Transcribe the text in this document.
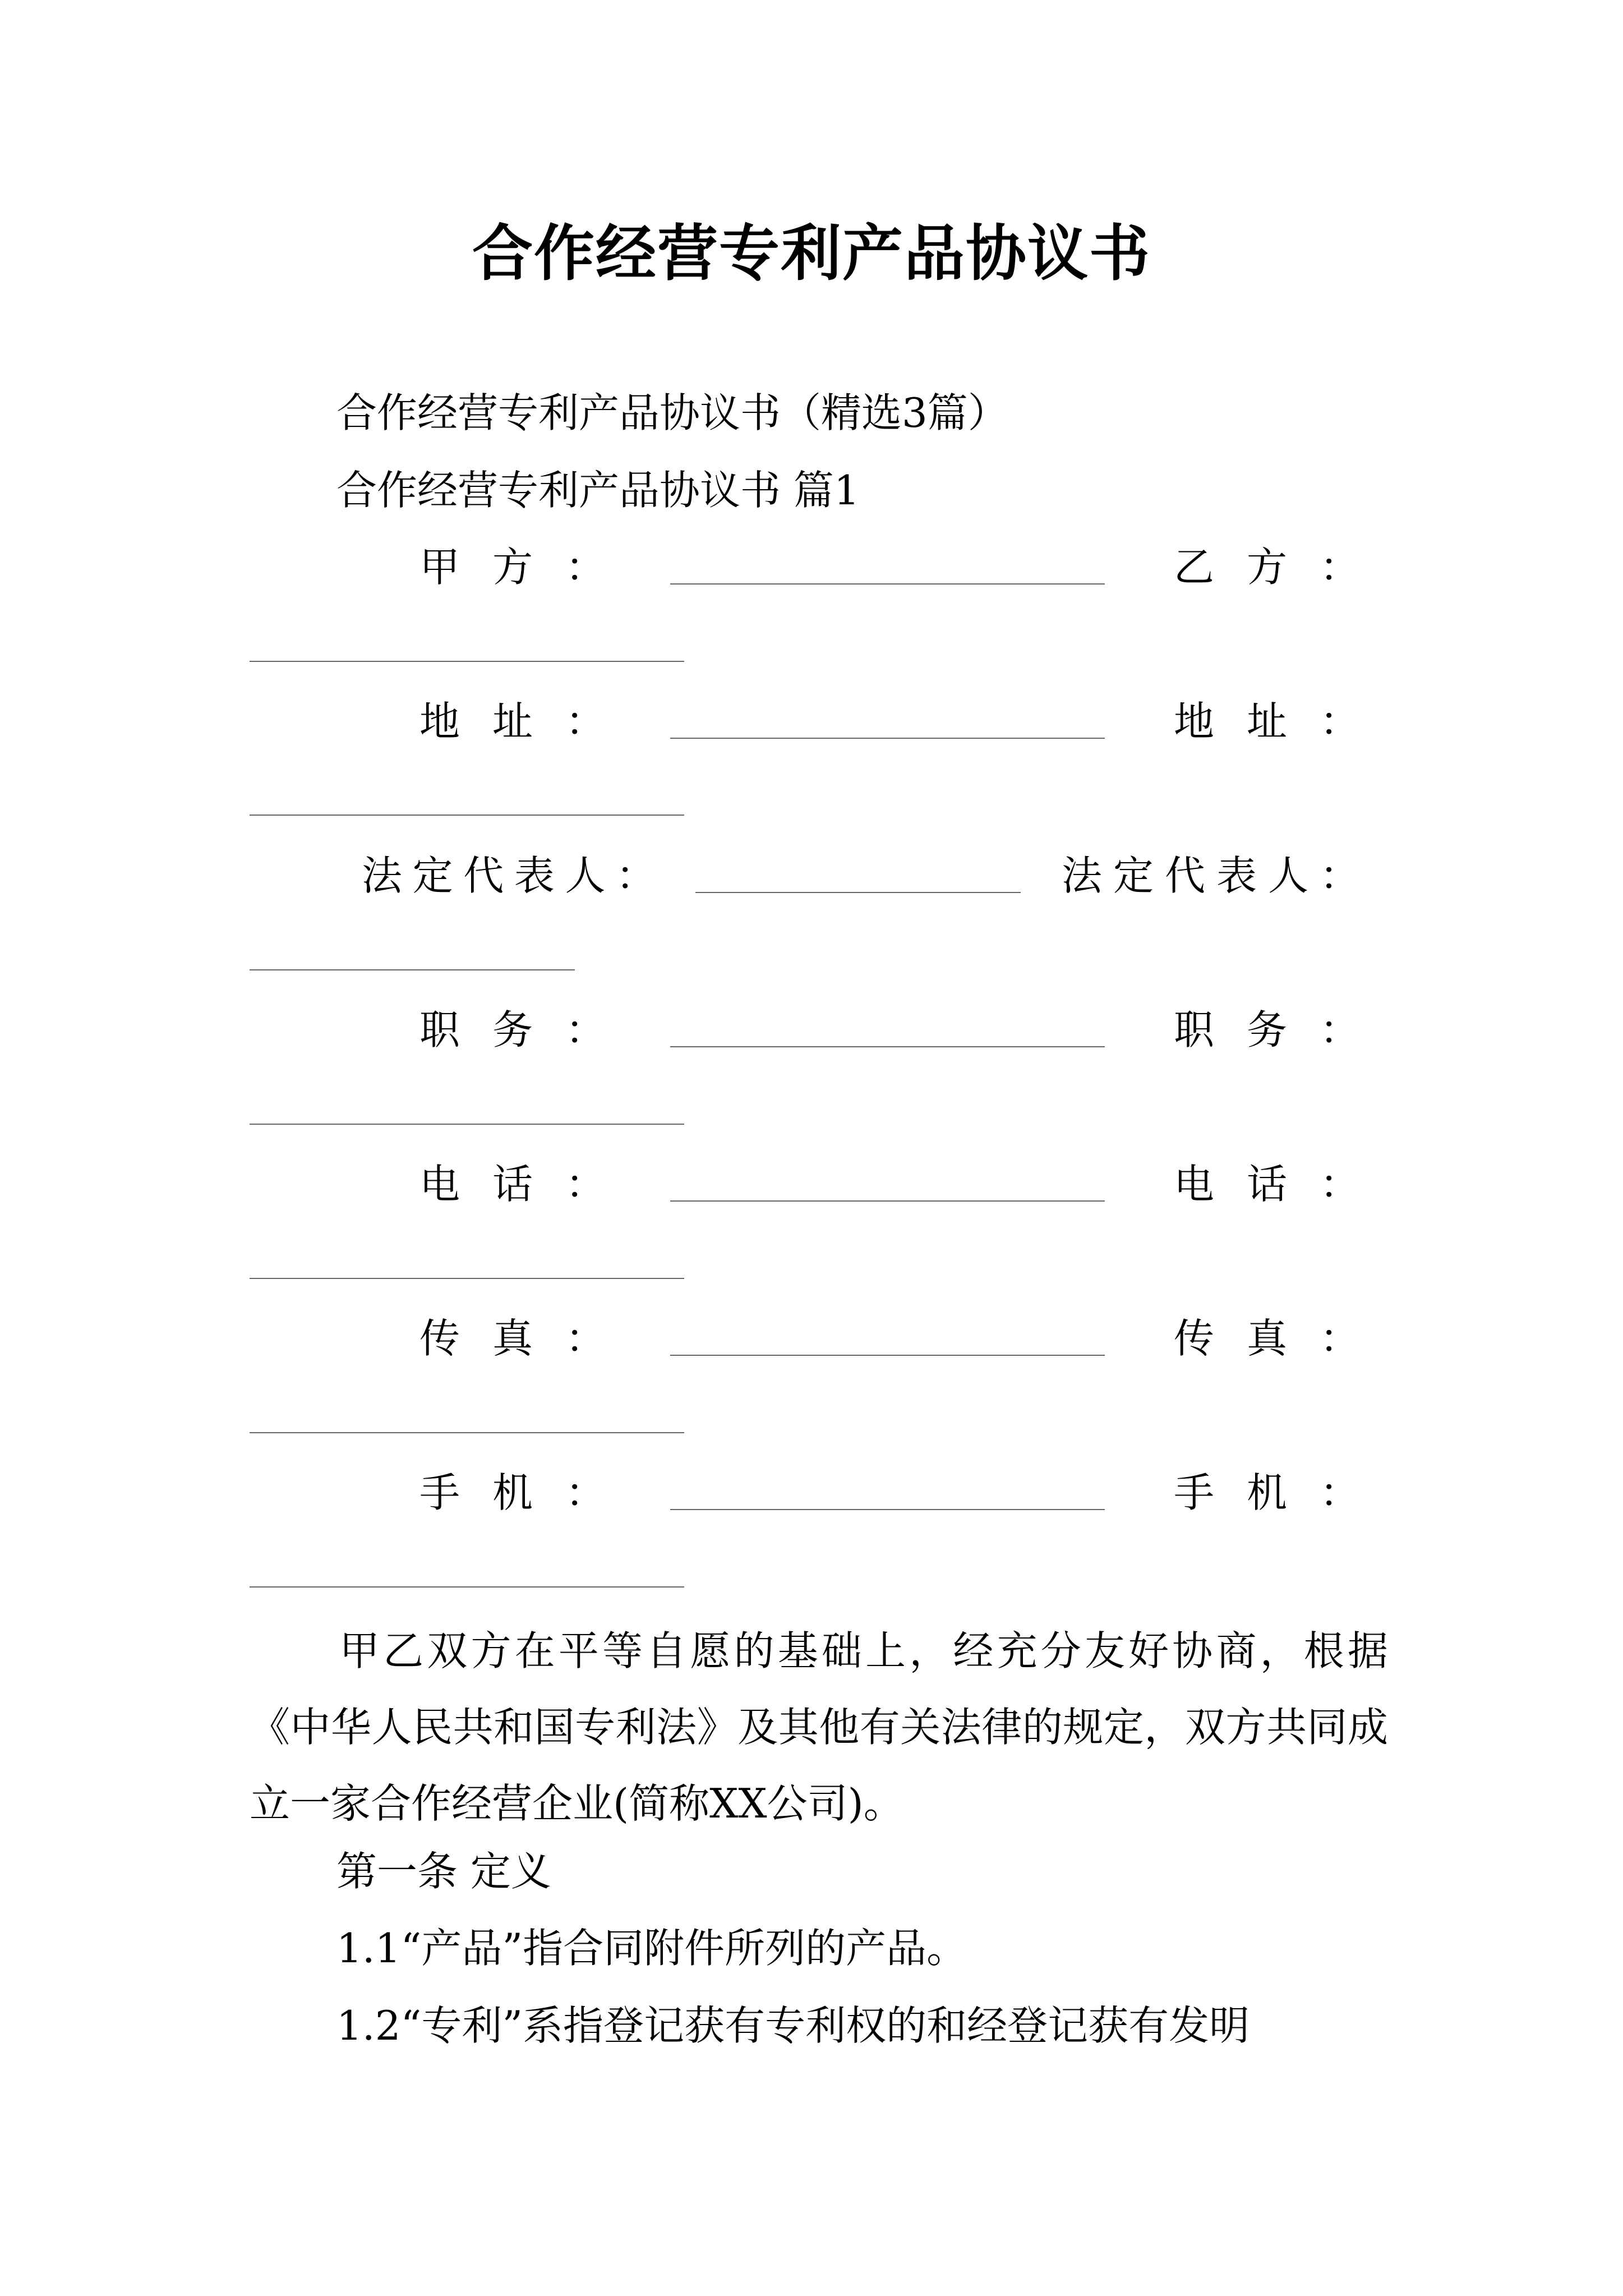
合作经营专利产品协议书
合作经营专利产品协议书（精选3篇）
合作经营专利产品协议书 篇1
甲 方 ：	乙 方 ：
地 址 ：	地 址 ：
法 定 代 表 人 ：	法 定 代 表 人 ：
职 务 ：	职 务 ：
电 话 ：	电 话 ：
传 真 ：	传 真 ：
手 机 ：	手 机 ：
甲乙双方在平等自愿的基础上，经充分友好协商，根据《中华人民共和国专利法》及其他有关法律的规定，双方共同成立一家合作经营企业(简称XX公司)。
第一条 定义
1.1“产品”指合同附件所列的产品。
1.2“专利”系指登记获有专利权的和经登记获有发明
